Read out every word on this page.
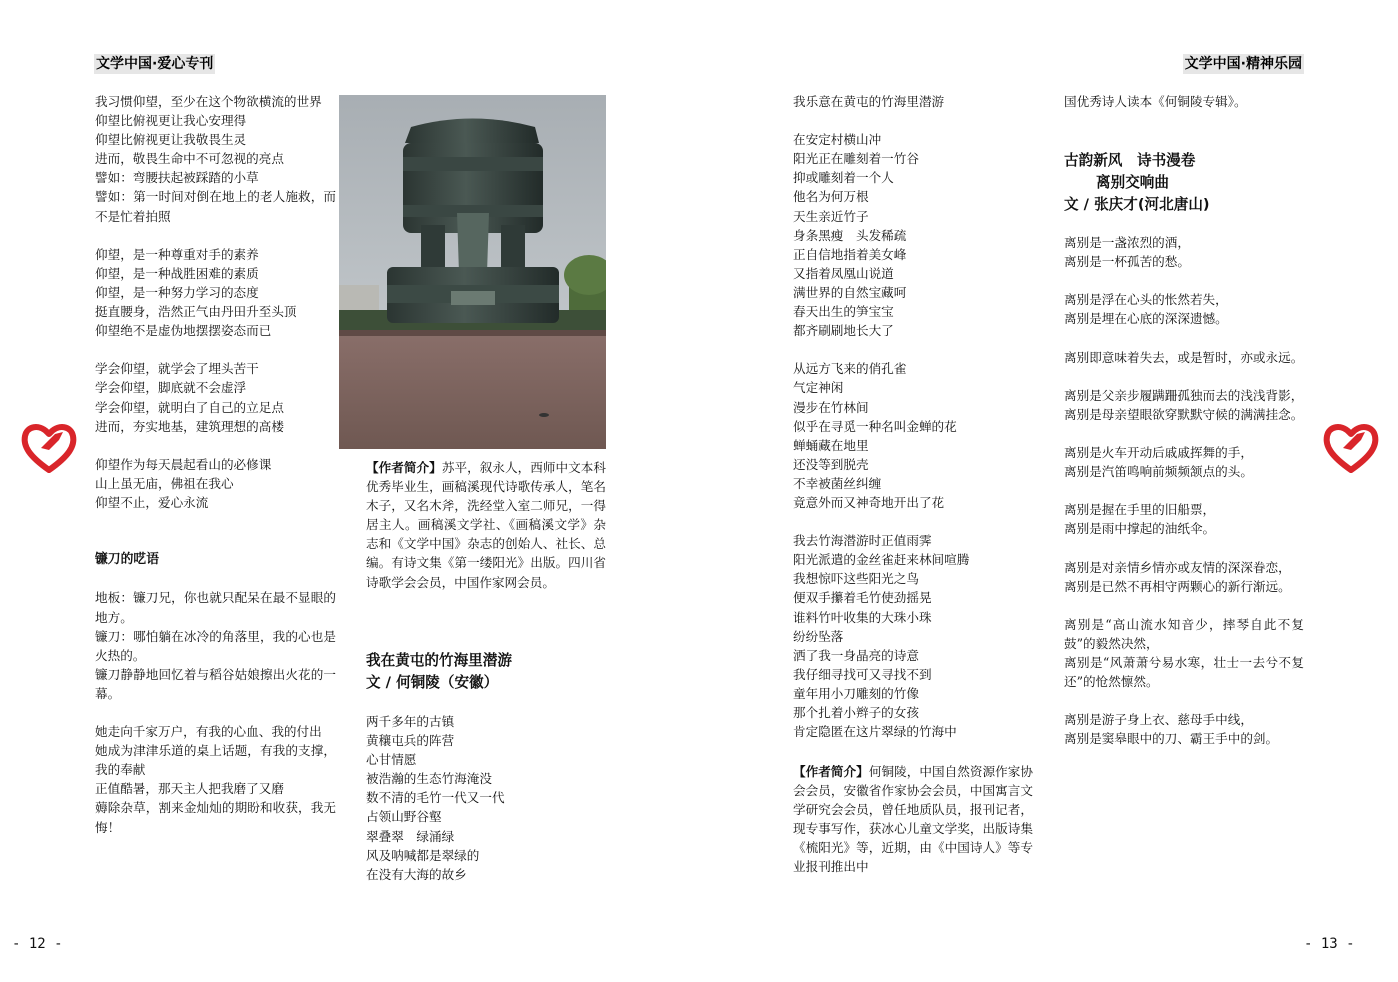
文学中国·爱心专刊

我习惯仰望，至少在这个物欲横流的世界

仰望比俯视更让我心安理得

仰望比俯视更让我敬畏生灵

进而，敬畏生命中不可忽视的亮点

譬如：弯腰扶起被踩踏的小草

譬如：第一时间对倒在地上的老人施救，而不是忙着拍照

仰望，是一种尊重对手的素养

仰望，是一种战胜困难的素质

仰望，是一种努力学习的态度

挺直腰身，浩然正气由丹田升至头顶

仰望绝不是虚伪地摆摆姿态而已

学会仰望，就学会了埋头苦干

学会仰望，脚底就不会虚浮

学会仰望，就明白了自己的立足点

进而，夯实地基，建筑理想的高楼

仰望作为每天晨起看山的必修课

山上虽无庙，佛祖在我心

仰望不止，爱心永流

镰刀的呓语

地板：镰刀兄，你也就只配呆在最不显眼的地方。

镰刀：哪怕躺在冰冷的角落里，我的心也是火热的。

镰刀静静地回忆着与稻谷姑娘擦出火花的一幕。

她走向千家万户，有我的心血、我的付出

她成为津津乐道的桌上话题，有我的支撑，我的奉献

正值酷暑，那天主人把我磨了又磨

薅除杂草，割来金灿灿的期盼和收获，我无悔！

【作者简介】苏平，叙永人，西师中文本科优秀毕业生，画稿溪现代诗歌传承人，笔名木子，又名木斧，洗经堂入室二师兄，一得居主人。画稿溪文学社、《画稿溪文学》杂志和《文学中国》杂志的创始人、社长、总编。有诗文集《第一缕阳光》出版。四川省诗歌学会会员，中国作家网会员。

我在黄屯的竹海里潜游

文 / 何铜陵（安徽）

两千多年的古镇

黄穰屯兵的阵营

心甘情愿

被浩瀚的生态竹海淹没

数不清的毛竹一代又一代

占领山野谷壑

翠叠翠　绿涌绿

风及呐喊都是翠绿的

在没有大海的故乡

- 12 -
文学中国·精神乐园

我乐意在黄屯的竹海里潜游

在安定村横山冲

阳光正在雕刻着一竹谷

抑或雕刻着一个人

他名为何万根

天生亲近竹子

身条黑瘦　头发稀疏

正自信地指着美女峰

又指着凤凰山说道

满世界的自然宝藏呵

春天出生的笋宝宝

都齐刷刷地长大了

从远方飞来的俏孔雀

气定神闲

漫步在竹林间

似乎在寻觅一种名叫金蝉的花

蝉蛹藏在地里

还没等到脱壳

不幸被菌丝纠缠

竟意外而又神奇地开出了花

我去竹海潜游时正值雨霁

阳光派遣的金丝雀赶来林间喧腾

我想惊吓这些阳光之鸟

便双手攥着毛竹使劲摇晃

谁料竹叶收集的大珠小珠

纷纷坠落

洒了我一身晶亮的诗意

我仔细寻找可又寻找不到

童年用小刀雕刻的竹像

那个扎着小辫子的女孩

肯定隐匿在这片翠绿的竹海中

【作者简介】何铜陵，中国自然资源作家协会会员，安徽省作家协会会员，中国寓言文学研究会会员，曾任地质队员，报刊记者，现专事写作，获冰心儿童文学奖，出版诗集《梳阳光》等，近期，由《中国诗人》等专业报刊推出中

国优秀诗人读本《何铜陵专辑》。

古韵新风　诗书漫卷

离别交响曲

文 / 张庆才(河北唐山)

离别是一盏浓烈的酒，

离别是一杯孤苦的愁。

离别是浮在心头的怅然若失，

离别是埋在心底的深深遗憾。

离别即意味着失去，或是暂时，亦或永远。

离别是父亲步履蹒跚孤独而去的浅浅背影，

离别是母亲望眼欲穿默默守候的满满挂念。

离别是火车开动后戚戚挥舞的手，

离别是汽笛鸣响前频频颔点的头。

离别是握在手里的旧船票，

离别是雨中撑起的油纸伞。

离别是对亲情乡情亦或友情的深深眷恋，

离别是已然不再相守两颗心的新行渐远。

离别是“高山流水知音少，摔琴自此不复鼓”的毅然决然，

离别是“风萧萧兮易水寒，壮士一去兮不复还”的怆然懔然。

离别是游子身上衣、慈母手中线，

离别是窦皋眼中的刀、霸王手中的剑。

- 13 -
